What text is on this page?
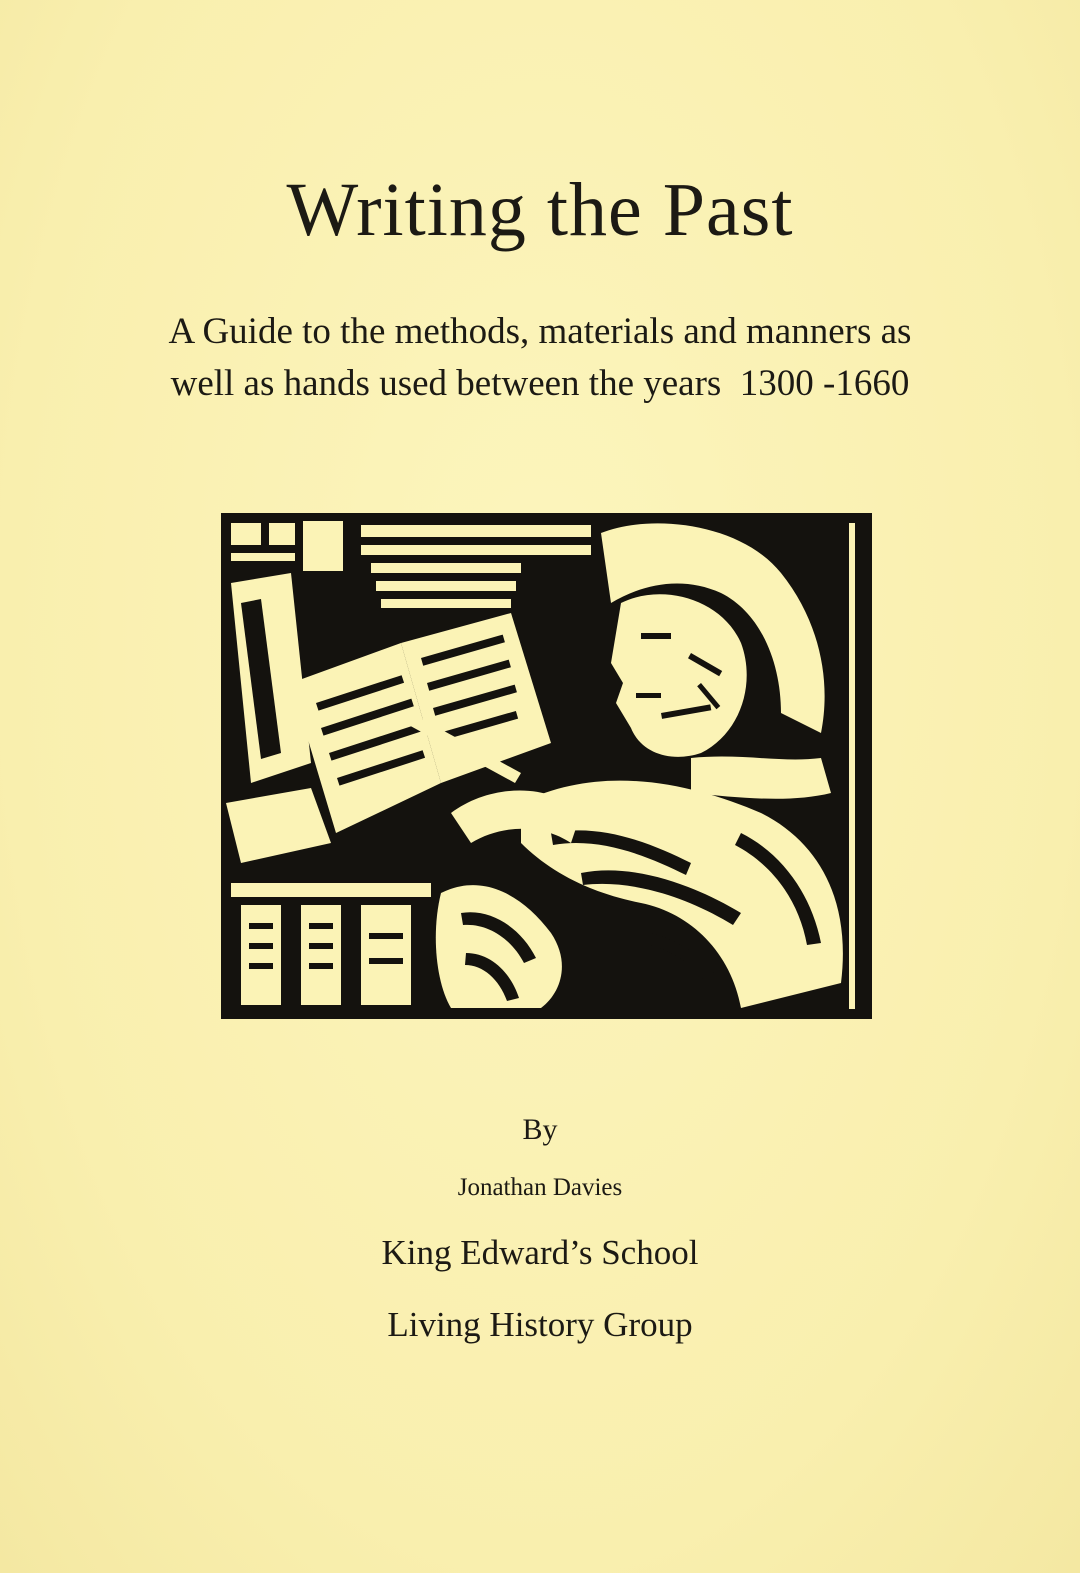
Writing the Past
A Guide to the methods, materials and manners as
well as hands used between the years  1300 -1660
By
Jonathan Davies
King Edward’s School
Living History Group
